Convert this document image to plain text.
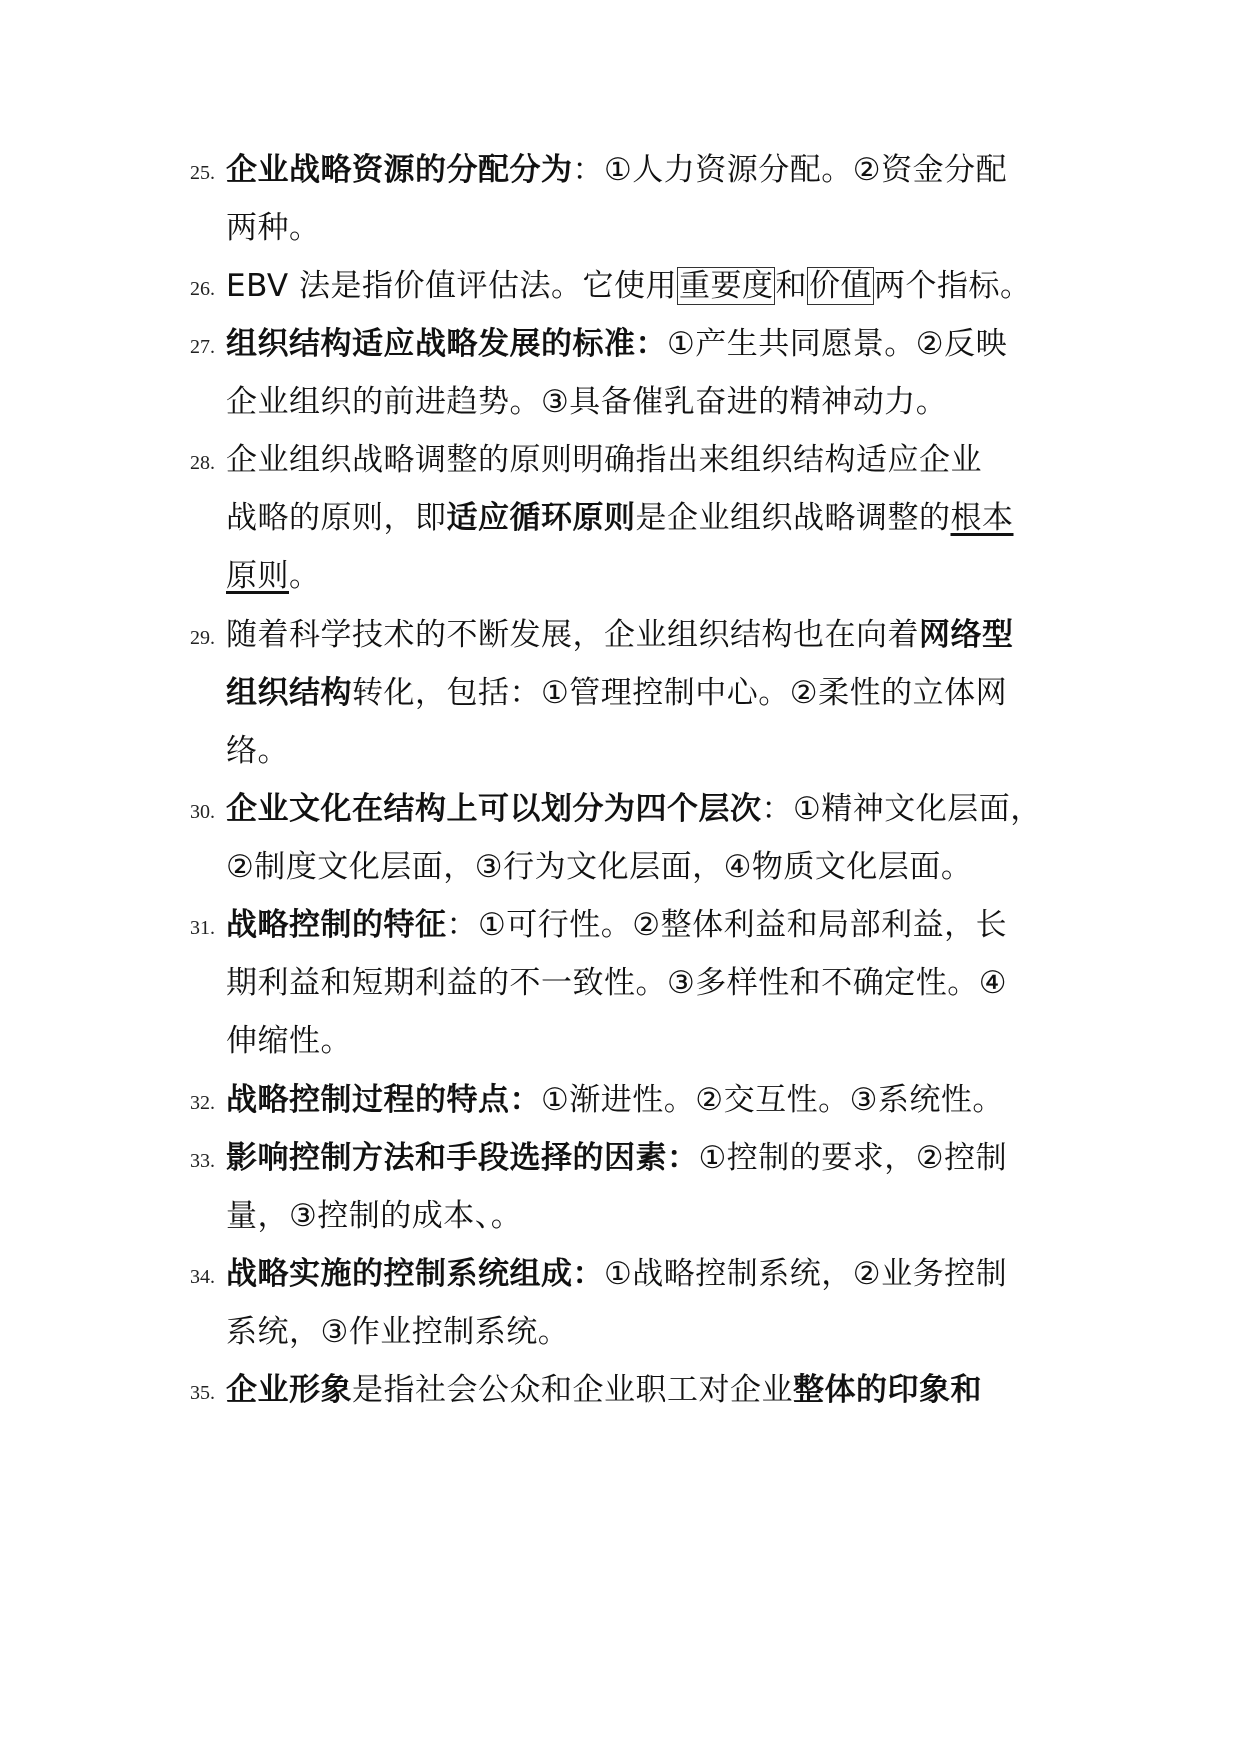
25. 企业战略资源的分配分为：①人力资源分配。②资金分配
两种。
26. EBV 法是指价值评估法。它使用重要度和价值两个指标。
27. 组织结构适应战略发展的标准：①产生共同愿景。②反映
企业组织的前进趋势。③具备催乳奋进的精神动力。
28. 企业组织战略调整的原则明确指出来组织结构适应企业
战略的原则，即适应循环原则是企业组织战略调整的根本
原则。
29. 随着科学技术的不断发展，企业组织结构也在向着网络型
组织结构转化，包括：①管理控制中心。②柔性的立体网
络。
30. 企业文化在结构上可以划分为四个层次：①精神文化层面，
②制度文化层面，③行为文化层面，④物质文化层面。
31. 战略控制的特征：①可行性。②整体利益和局部利益，长
期利益和短期利益的不一致性。③多样性和不确定性。④
伸缩性。
32. 战略控制过程的特点：①渐进性。②交互性。③系统性。
33. 影响控制方法和手段选择的因素：①控制的要求，②控制
量，③控制的成本、。
34. 战略实施的控制系统组成：①战略控制系统，②业务控制
系统，③作业控制系统。
35. 企业形象是指社会公众和企业职工对企业整体的印象和
